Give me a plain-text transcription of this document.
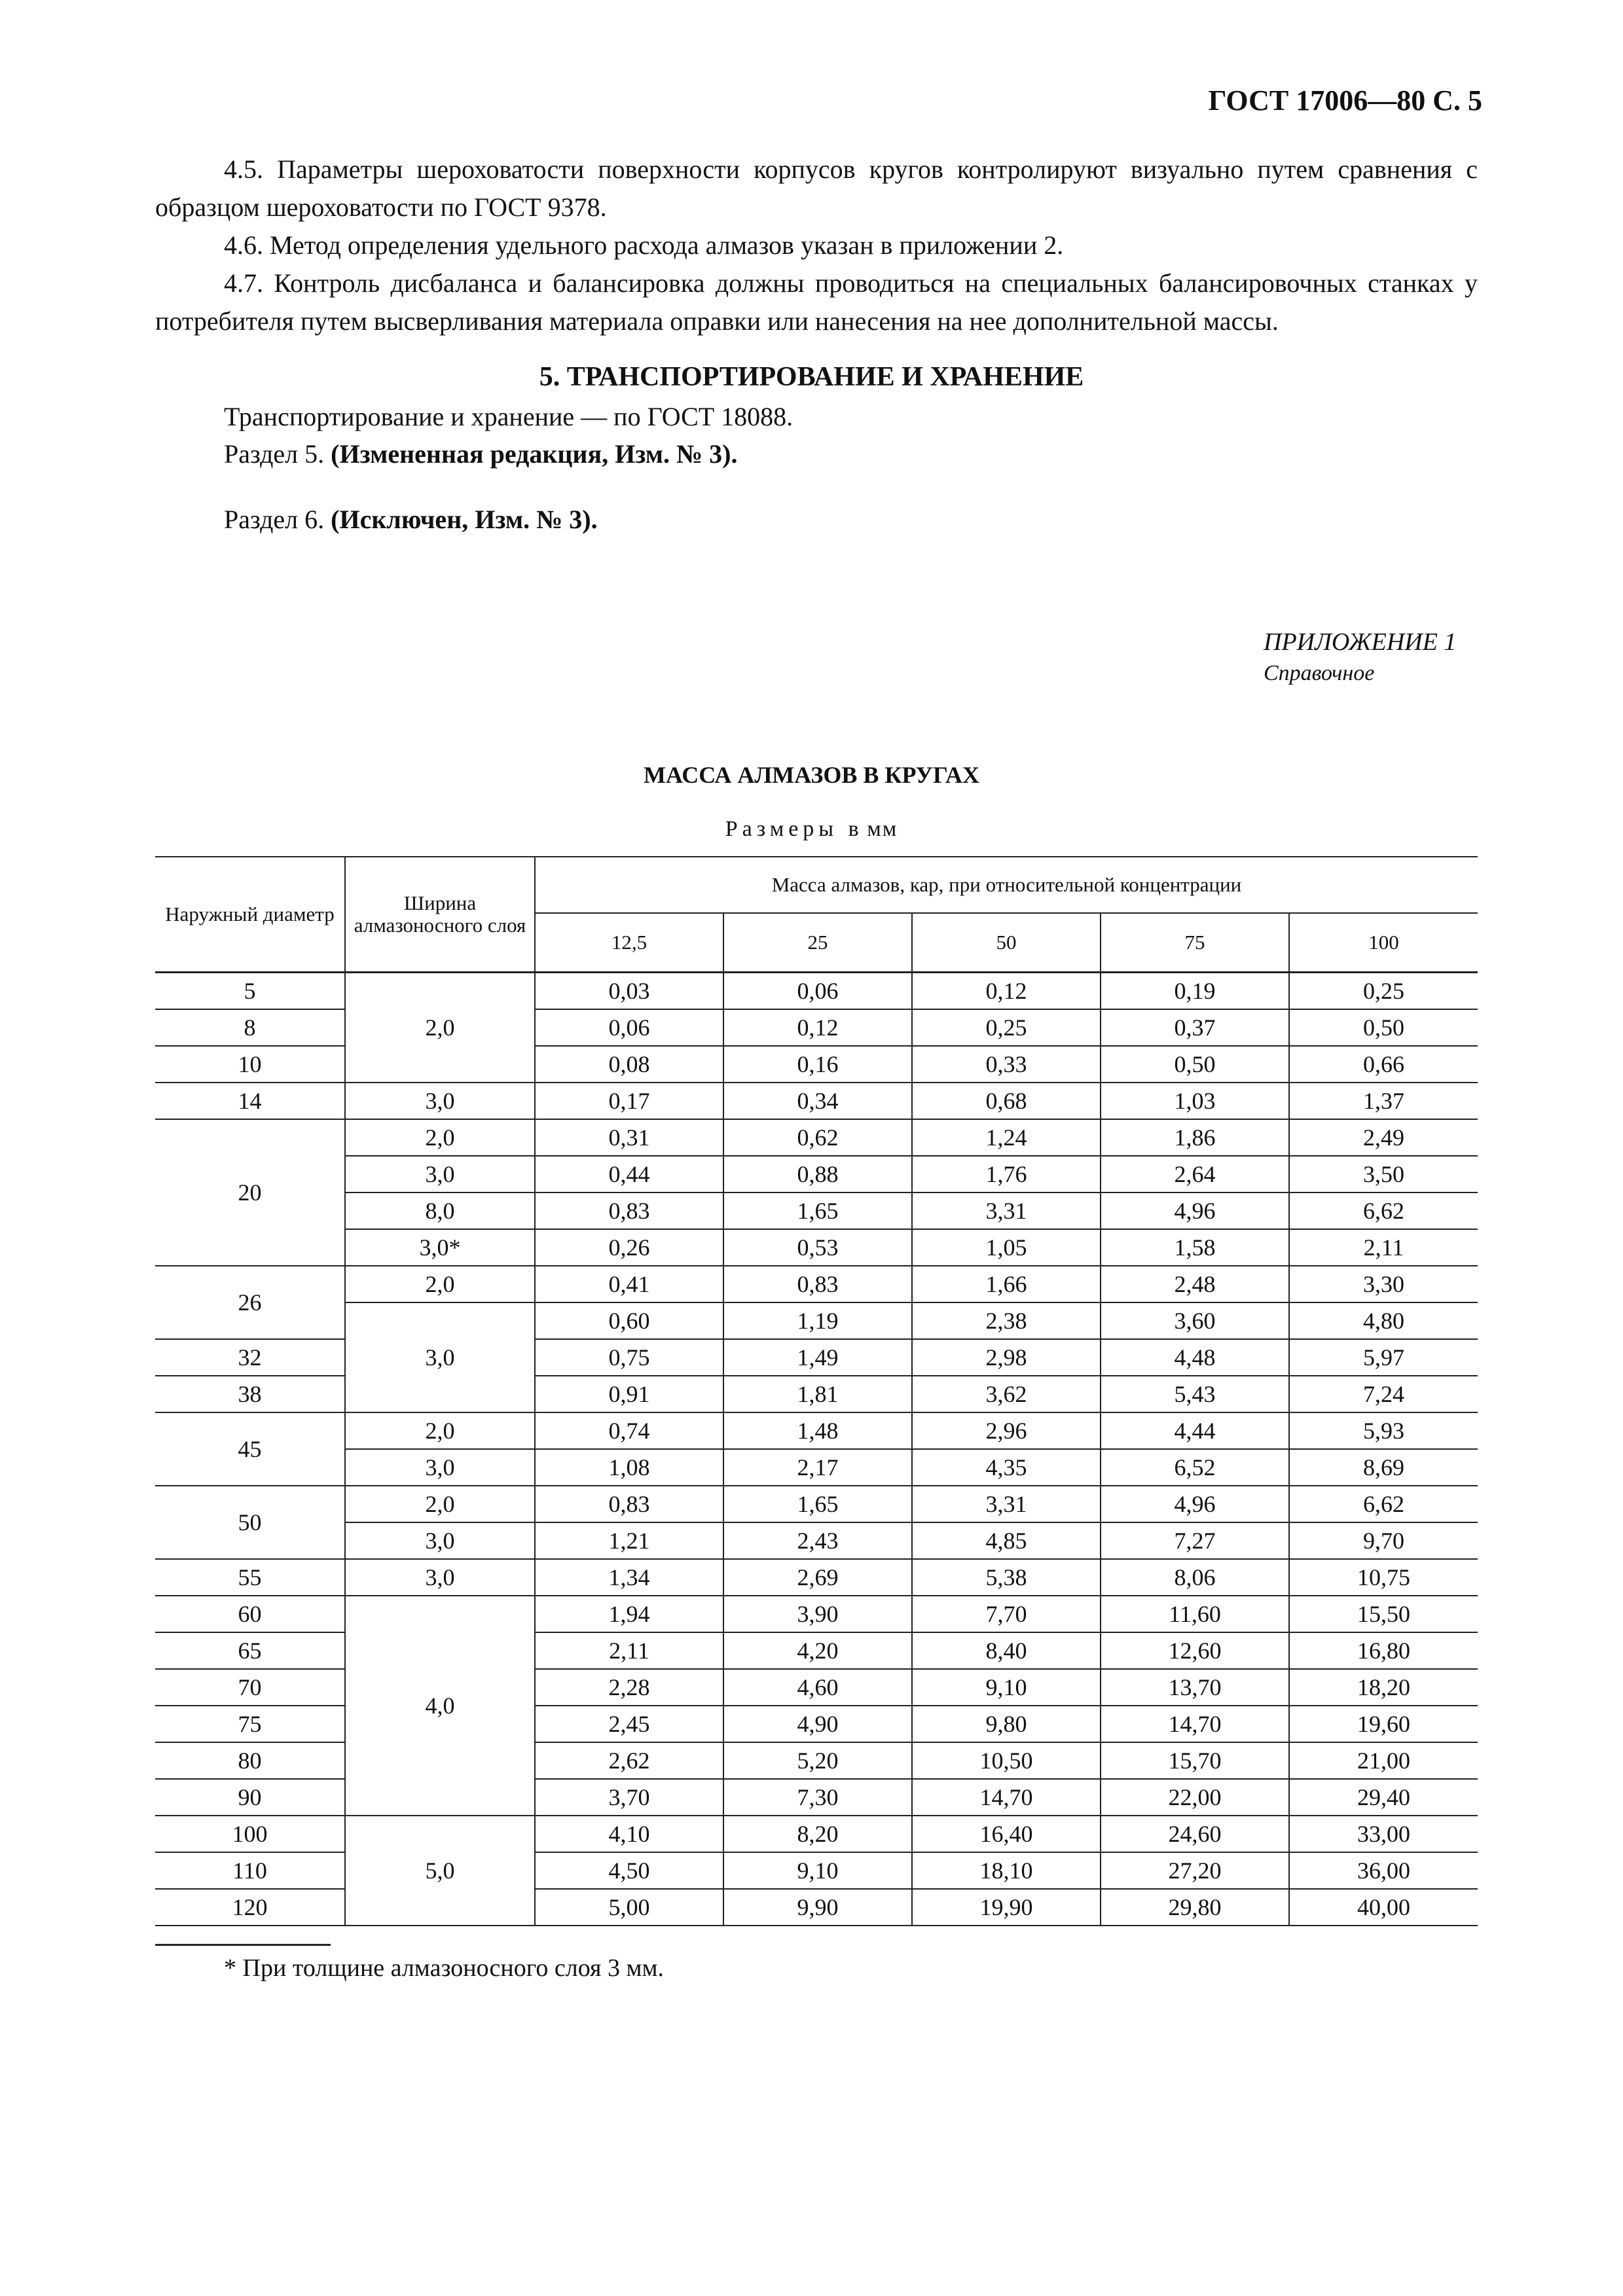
ГОСТ 17006—80 С. 5

4.5. Параметры шероховатости поверхности корпусов кругов контролируют визуально путем сравнения с образцом шероховатости по ГОСТ 9378.

4.6. Метод определения удельного расхода алмазов указан в приложении 2.

4.7. Контроль дисбаланса и балансировка должны проводиться на специальных балансировочных станках у потребителя путем высверливания материала оправки или нанесения на нее дополнительной массы.

5. ТРАНСПОРТИРОВАНИЕ И ХРАНЕНИЕ
Транспортирование и хранение — по ГОСТ 18088.
Раздел 5. (Измененная редакция, Изм. № 3).
Раздел 6. (Исключен, Изм. № 3).
ПРИЛОЖЕНИЕ 1
Справочное
МАССА АЛМАЗОВ В КРУГАХ
Размеры в мм
Наружный диаметр	Ширина алмазоносного слоя	Масса алмазов, кар, при относительной концентрации				
		12,5	25	50	75	100
5	2,0	0,03	0,06	0,12	0,19	0,25
8		0,06	0,12	0,25	0,37	0,50
10		0,08	0,16	0,33	0,50	0,66
14	3,0	0,17	0,34	0,68	1,03	1,37
20	2,0	0,31	0,62	1,24	1,86	2,49
	3,0	0,44	0,88	1,76	2,64	3,50
	8,0	0,83	1,65	3,31	4,96	6,62
	3,0*	0,26	0,53	1,05	1,58	2,11
26	2,0	0,41	0,83	1,66	2,48	3,30
	3,0	0,60	1,19	2,38	3,60	4,80
32		0,75	1,49	2,98	4,48	5,97
38		0,91	1,81	3,62	5,43	7,24
45	2,0	0,74	1,48	2,96	4,44	5,93
	3,0	1,08	2,17	4,35	6,52	8,69
50	2,0	0,83	1,65	3,31	4,96	6,62
	3,0	1,21	2,43	4,85	7,27	9,70
55	3,0	1,34	2,69	5,38	8,06	10,75
60	4,0	1,94	3,90	7,70	11,60	15,50
65		2,11	4,20	8,40	12,60	16,80
70		2,28	4,60	9,10	13,70	18,20
75		2,45	4,90	9,80	14,70	19,60
80		2,62	5,20	10,50	15,70	21,00
90		3,70	7,30	14,70	22,00	29,40
100	5,0	4,10	8,20	16,40	24,60	33,00
110		4,50	9,10	18,10	27,20	36,00
120		5,00	9,90	19,90	29,80	40,00
* При толщине алмазоносного слоя 3 мм.
